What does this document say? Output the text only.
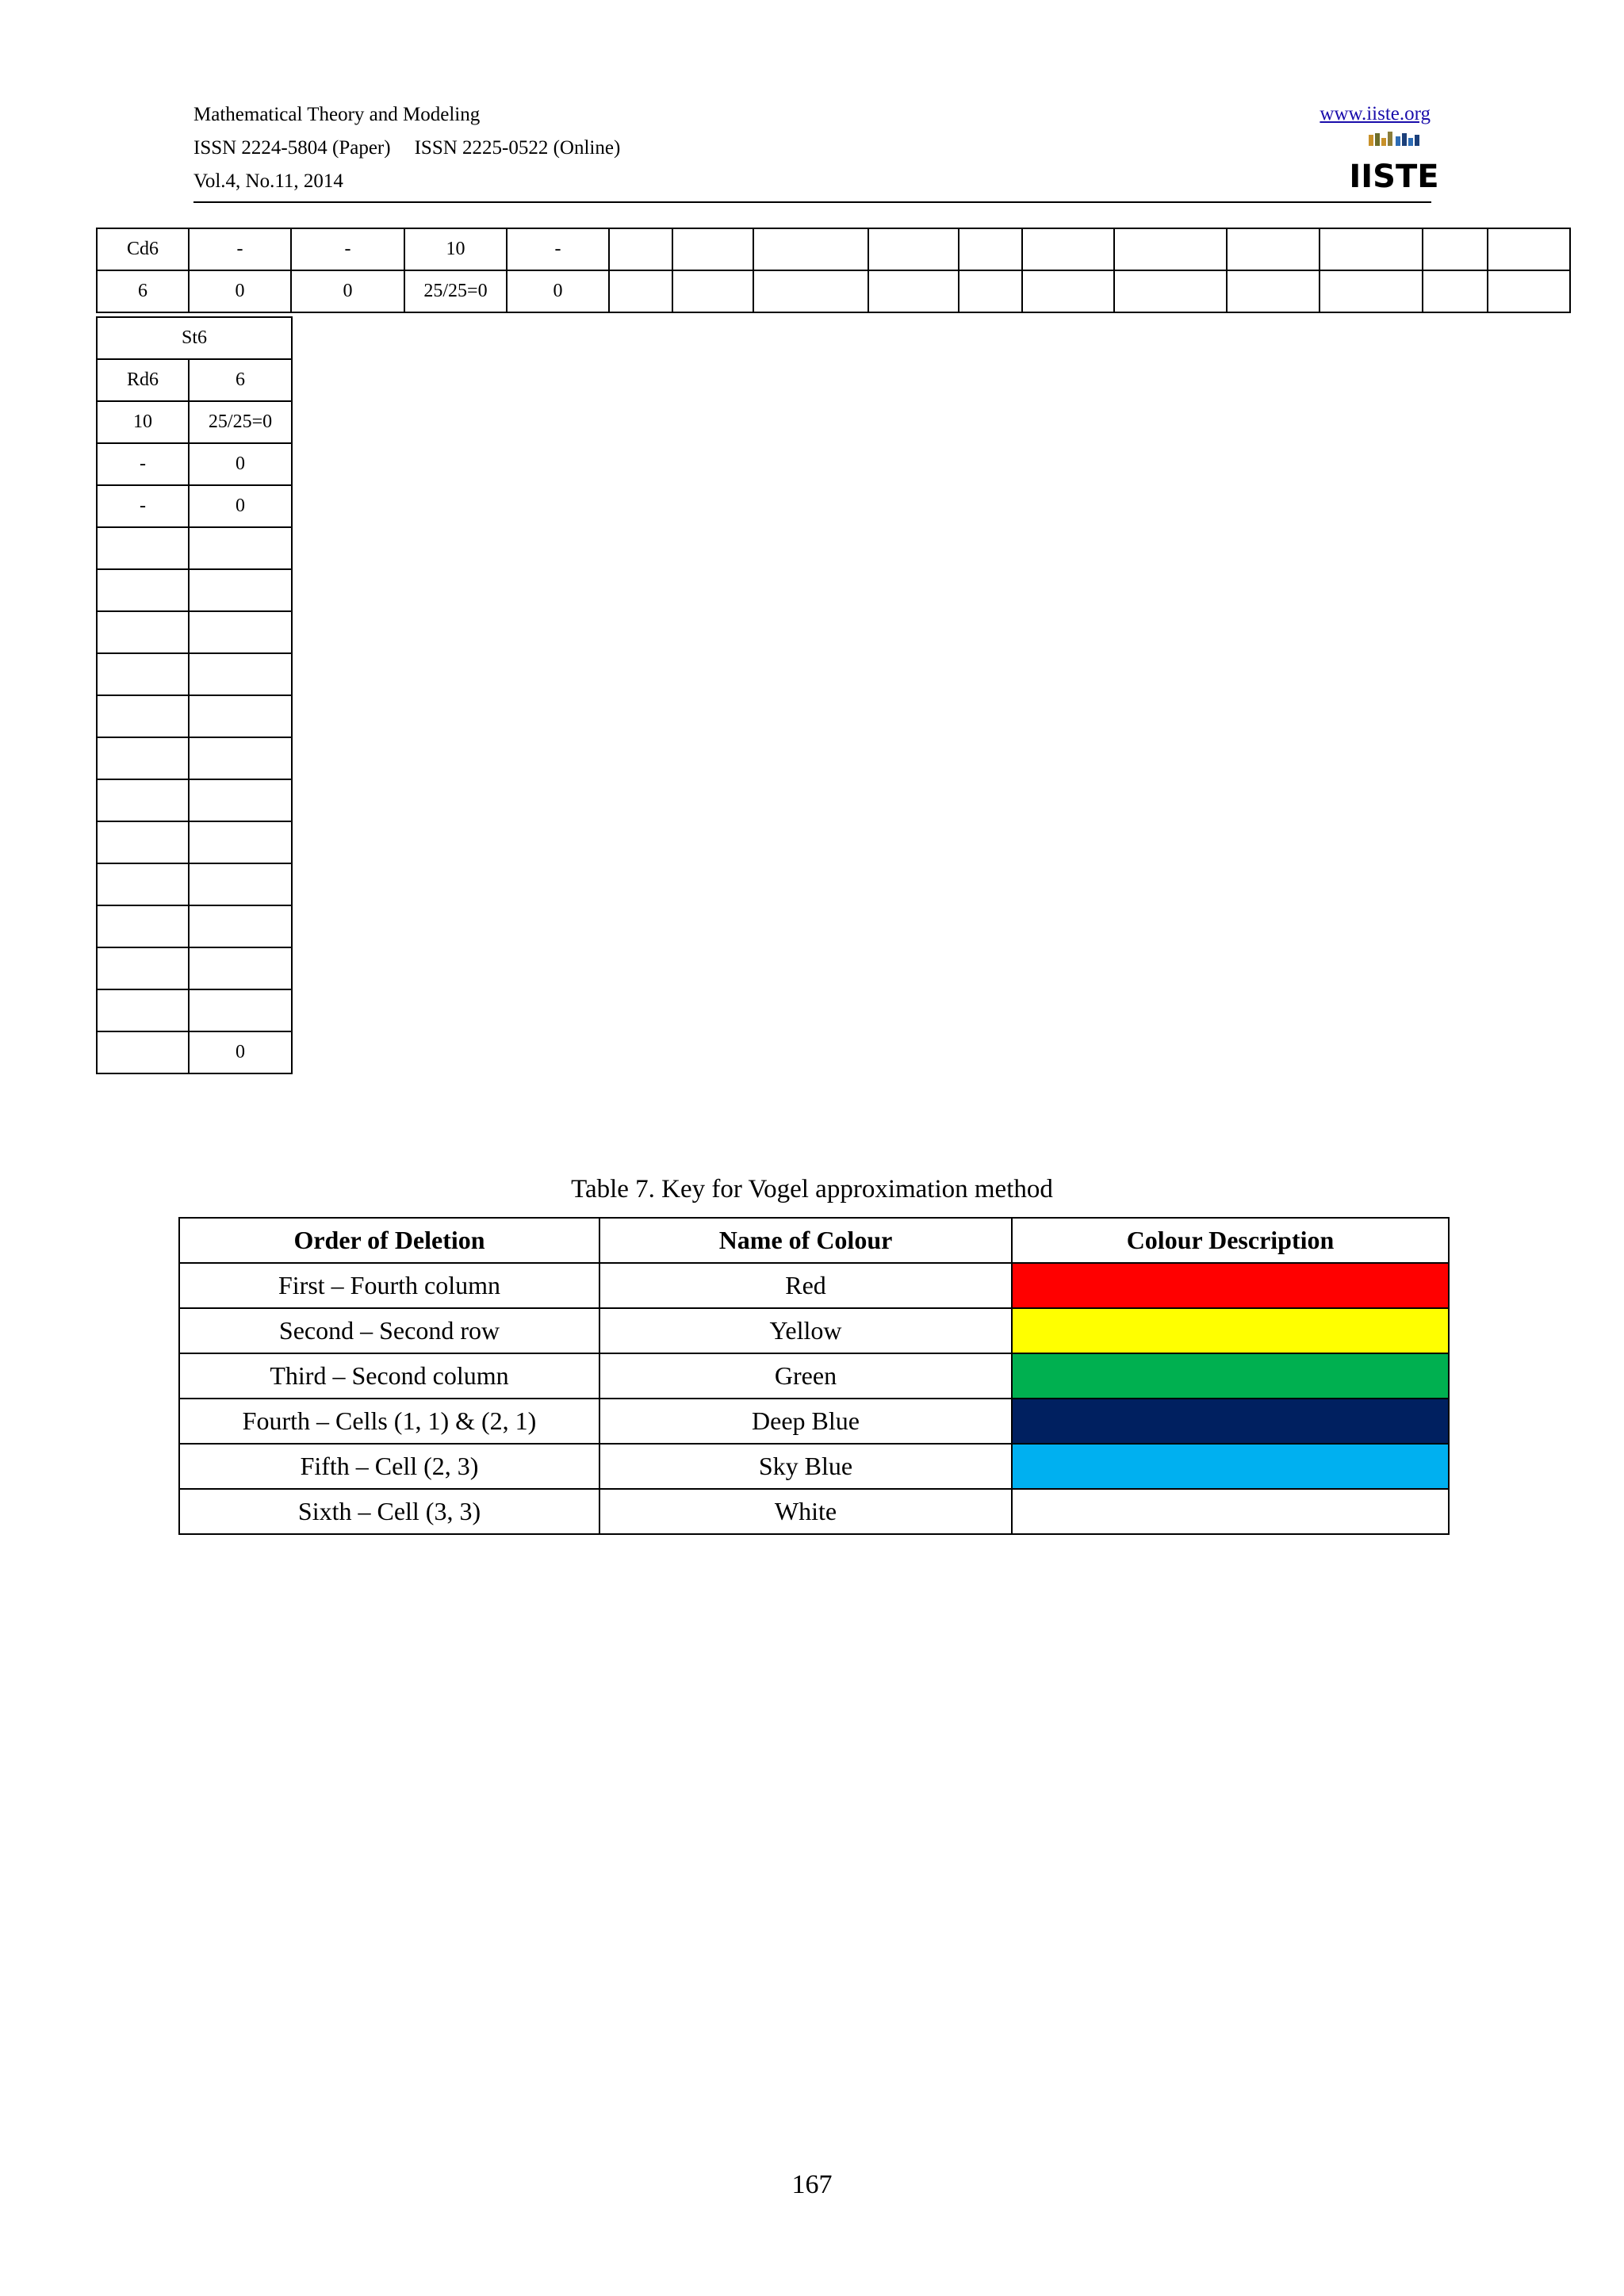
Mathematical Theory and Modeling
ISSN 2224-5804 (Paper) ISSN 2225-0522 (Online)
Vol.4, No.11, 2014
www.iiste.org
IISTE
Cd6	-	-	10	-											
6	0	0	25/25=0	0											
St6	
Rd6	6
10	25/25=0
-	0
-	0

	0
Table 7. Key for Vogel approximation method
Order of Deletion	Name of Colour	Colour Description
First – Fourth column	Red	
Second – Second row	Yellow	
Third – Second column	Green	
Fourth – Cells (1, 1) & (2, 1)	Deep Blue	
Fifth – Cell (2, 3)	Sky Blue	
Sixth – Cell (3, 3)	White	
167
